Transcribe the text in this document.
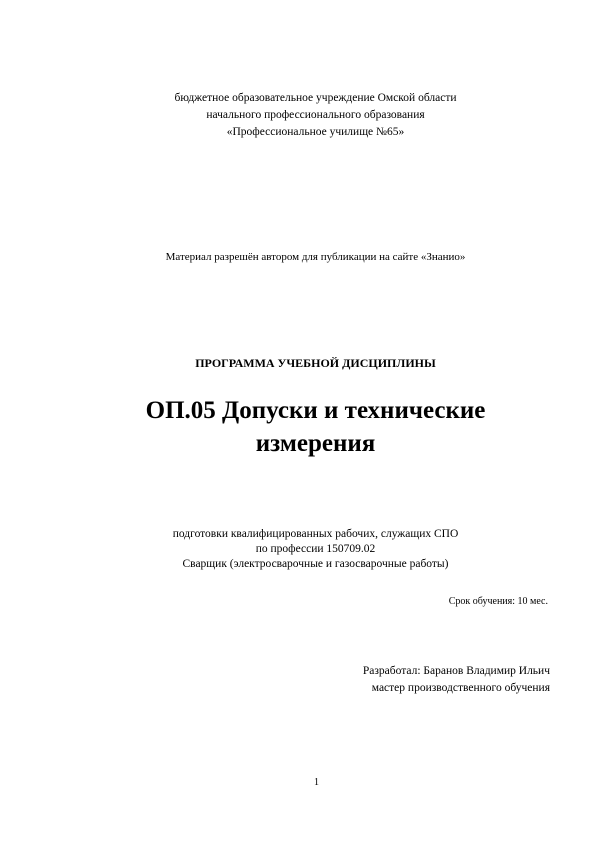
бюджетное образовательное учреждение Омской области
начального профессионального образования
«Профессиональное училище №65»
Материал разрешён автором для публикации на сайте «Знанио»
ПРОГРАММА УЧЕБНОЙ ДИСЦИПЛИНЫ
ОП.05 Допуски и технические
измерения
подготовки квалифицированных рабочих, служащих СПО
по профессии 150709.02
Сварщик (электросварочные и газосварочные работы)
Срок обучения: 10 мес.
Разработал: Баранов Владимир Ильич
мастер производственного обучения
1
